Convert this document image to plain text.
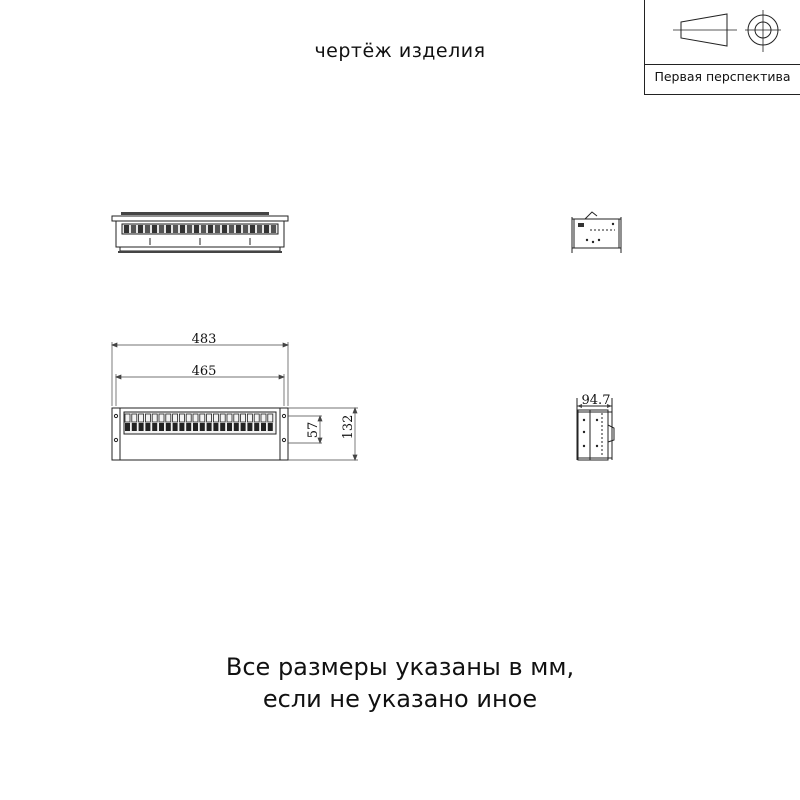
чертёж изделия
Первая перспектива
483
465
57 132
94.7
Все размеры указаны в мм,
если не указано иное
